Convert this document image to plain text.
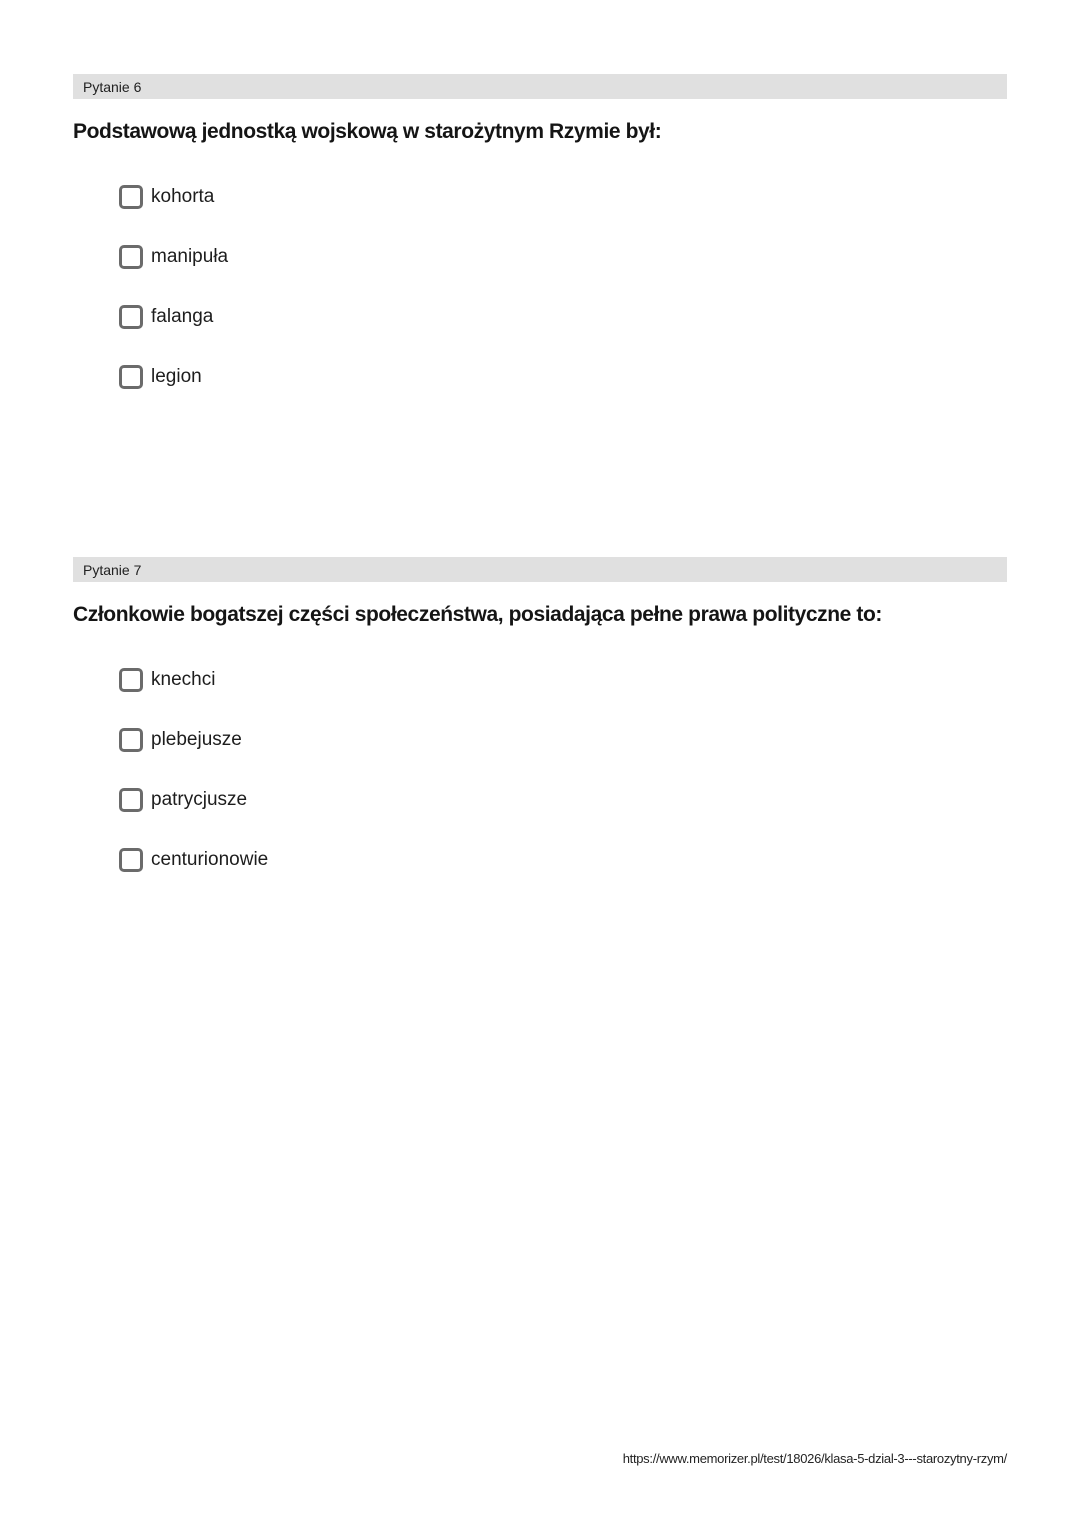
Pytanie 6
Podstawową jednostką wojskową w starożytnym Rzymie był:
kohorta
manipuła
falanga
legion
Pytanie 7
Członkowie bogatszej części społeczeństwa, posiadająca pełne prawa polityczne to:
knechci
plebejusze
patrycjusze
centurionowie
https://www.memorizer.pl/test/18026/klasa-5-dzial-3---starozytny-rzym/
